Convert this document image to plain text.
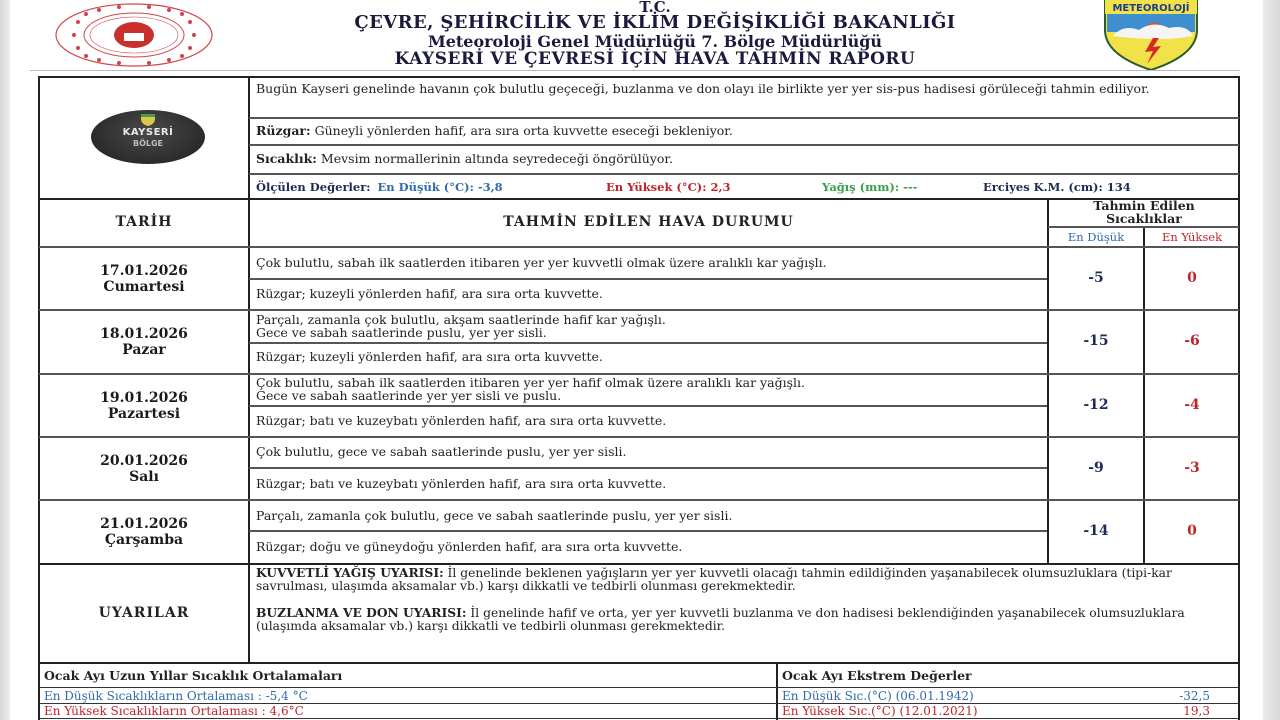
T.C.
ÇEVRE, ŞEHİRCİLİK VE İKLİM DEĞİŞİKLİĞİ BAKANLIĞI
Meteoroloji Genel Müdürlüğü 7. Bölge Müdürlüğü
KAYSERİ VE ÇEVRESİ İÇİN HAVA TAHMİN RAPORU
METEOROLOJİ
KAYSERİ
BÖLGE
Bugün Kayseri genelinde havanın çok bulutlu geçeceği, buzlanma ve don olayı ile birlikte yer yer sis-pus hadisesi görüleceği tahmin ediliyor.
Rüzgar: Güneyli yönlerden hafif, ara sıra orta kuvvette eseceği bekleniyor.
Sıcaklık: Mevsim normallerinin altında seyredeceği öngörülüyor.
Ölçülen Değerler: En Düşük (°C): -3,8	En Yüksek (°C): 2,3	Yağış (mm): ---	Erciyes K.M. (cm): 134
TARİH	TAHMİN EDİLEN HAVA DURUMU
Tahmin Edilen
Sıcaklıklar
En Düşük	En Yüksek
17.01.2026
Cumartesi
Çok bulutlu, sabah ilk saatlerden itibaren yer yer kuvvetli olmak üzere aralıklı kar yağışlı.
Rüzgar; kuzeyli yönlerden hafif, ara sıra orta kuvvette.
-5	0
18.01.2026
Pazar
Parçalı, zamanla çok bulutlu, akşam saatlerinde hafif kar yağışlı.
Gece ve sabah saatlerinde puslu, yer yer sisli.
Rüzgar; kuzeyli yönlerden hafif, ara sıra orta kuvvette.
-15	-6
19.01.2026
Pazartesi
Çok bulutlu, sabah ilk saatlerden itibaren yer yer hafif olmak üzere aralıklı kar yağışlı.
Gece ve sabah saatlerinde yer yer sisli ve puslu.
Rüzgar; batı ve kuzeybatı yönlerden hafif, ara sıra orta kuvvette.
-12	-4
20.01.2026
Salı
Çok bulutlu, gece ve sabah saatlerinde puslu, yer yer sisli.
Rüzgar; batı ve kuzeybatı yönlerden hafif, ara sıra orta kuvvette.
-9	-3
21.01.2026
Çarşamba
Parçalı, zamanla çok bulutlu, gece ve sabah saatlerinde puslu, yer yer sisli.
Rüzgar; doğu ve güneydoğu yönlerden hafif, ara sıra orta kuvvette.
-14	0
UYARILAR
KUVVETLİ YAĞIŞ UYARISI: İl genelinde beklenen yağışların yer yer kuvvetli olacağı tahmin edildiğinden yaşanabilecek olumsuzluklara (tipi-kar savrulması, ulaşımda aksamalar vb.) karşı dikkatli ve tedbirli olunması gerekmektedir.
BUZLANMA VE DON UYARISI: İl genelinde hafif ve orta, yer yer kuvvetli buzlanma ve don hadisesi beklendiğinden yaşanabilecek olumsuzluklara (ulaşımda aksamalar vb.) karşı dikkatli ve tedbirli olunması gerekmektedir.
Ocak Ayı Uzun Yıllar Sıcaklık Ortalamaları
En Düşük Sıcaklıkların Ortalaması : -5,4 °C
En Yüksek Sıcaklıkların Ortalaması : 4,6°C
Ocak Ayı Ekstrem Değerler
En Düşük Sıc.(°C) (06.01.1942)	-32,5
En Yüksek Sıc.(°C) (12.01.2021)	19,3
